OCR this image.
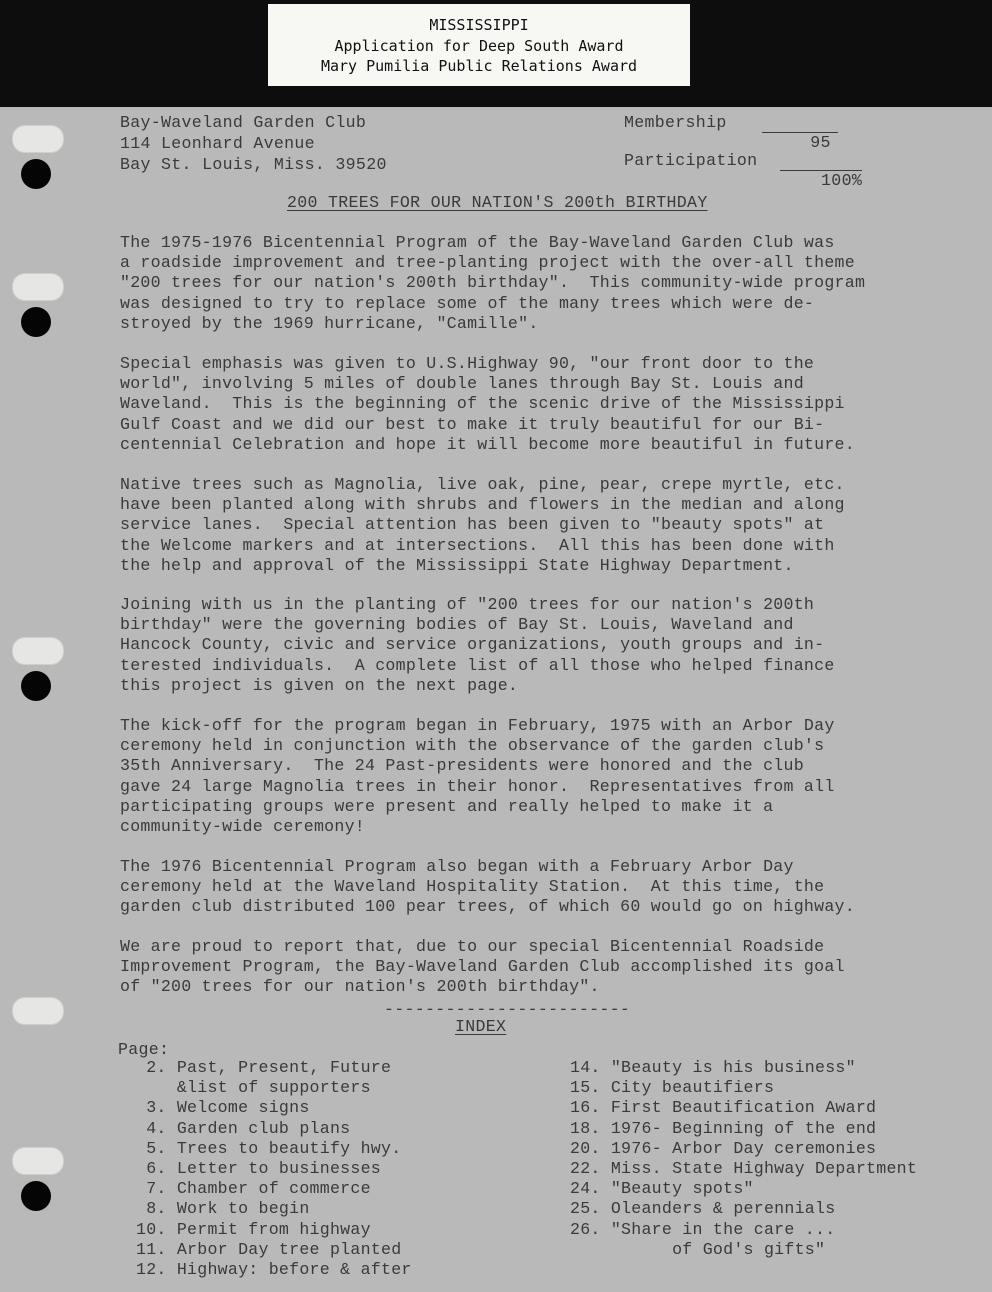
MISSISSIPPI
Application for Deep South Award
Mary Pumilia Public Relations Award
Bay-Waveland Garden Club
114 Leonhard Avenue
Bay St. Louis, Miss. 39520
Membership

95

Participation

100%

200 TREES FOR OUR NATION'S 200th BIRTHDAY
The 1975-1976 Bicentennial Program of the Bay-Waveland Garden Club was
a roadside improvement and tree-planting project with the over-all theme
"200 trees for our nation's 200th birthday".  This community-wide program
was designed to try to replace some of the many trees which were de-
stroyed by the 1969 hurricane, "Camille".
Special emphasis was given to U.S.Highway 90, "our front door to the
world", involving 5 miles of double lanes through Bay St. Louis and
Waveland.  This is the beginning of the scenic drive of the Mississippi
Gulf Coast and we did our best to make it truly beautiful for our Bi-
centennial Celebration and hope it will become more beautiful in future.
Native trees such as Magnolia, live oak, pine, pear, crepe myrtle, etc.
have been planted along with shrubs and flowers in the median and along
service lanes.  Special attention has been given to "beauty spots" at
the Welcome markers and at intersections.  All this has been done with
the help and approval of the Mississippi State Highway Department.
Joining with us in the planting of "200 trees for our nation's 200th
birthday" were the governing bodies of Bay St. Louis, Waveland and
Hancock County, civic and service organizations, youth groups and in-
terested individuals.  A complete list of all those who helped finance
this project is given on the next page.
The kick-off for the program began in February, 1975 with an Arbor Day
ceremony held in conjunction with the observance of the garden club's
35th Anniversary.  The 24 Past-presidents were honored and the club
gave 24 large Magnolia trees in their honor.  Representatives from all
participating groups were present and really helped to make it a
community-wide ceremony!
The 1976 Bicentennial Program also began with a February Arbor Day
ceremony held at the Waveland Hospitality Station.  At this time, the
garden club distributed 100 pear trees, of which 60 would go on highway.
We are proud to report that, due to our special Bicentennial Roadside
Improvement Program, the Bay-Waveland Garden Club accomplished its goal
of "200 trees for our nation's 200th birthday".
------------------------
INDEX
Page:
2. Past, Present, Future
&list of supporters
3. Welcome signs
4. Garden club plans
5. Trees to beautify hwy.
6. Letter to businesses
7. Chamber of commerce
8. Work to begin
10. Permit from highway
11. Arbor Day tree planted
12. Highway: before & after
14. "Beauty is his business"
15. City beautifiers
16. First Beautification Award
18. 1976- Beginning of the end
20. 1976- Arbor Day ceremonies
22. Miss. State Highway Department
24. "Beauty spots"
25. Oleanders & perennials
26. "Share in the care ...
of God's gifts"
